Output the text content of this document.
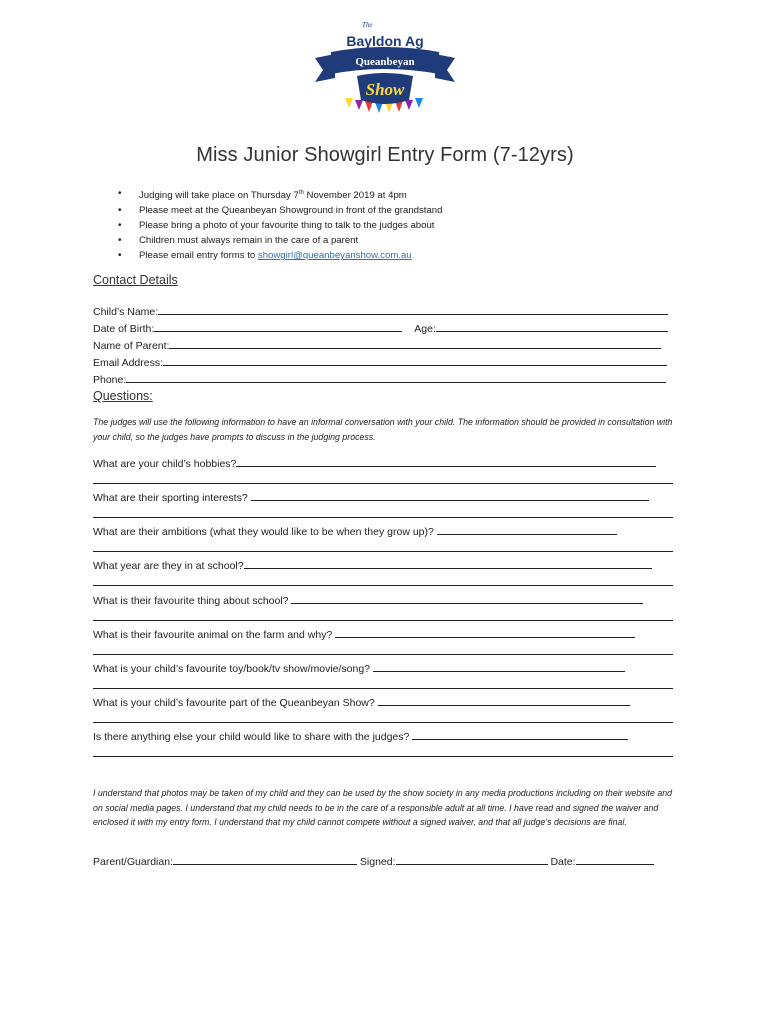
The
Bayldon Ag
Queanbeyan
Show
Miss Junior Showgirl Entry Form (7-12yrs)
• Judging will take place on Thursday 7th November 2019 at 4pm
• Please meet at the Queanbeyan Showground in front of the grandstand
• Please bring a photo of your favourite thing to talk to the judges about
• Children must always remain in the care of a parent
• Please email entry forms to showgirl@queanbeyanshow.com.au
Contact Details
Child’s Name:
Date of Birth:	Age:
Name of Parent:
Email Address:
Phone:
Questions:
The judges will use the following information to have an informal conversation with your child. The information should be provided in consultation with your child, so the judges have prompts to discuss in the judging process.
What are your child’s hobbies?
What are their sporting interests?
What are their ambitions (what they would like to be when they grow up)?
What year are they in at school?
What is their favourite thing about school?
What is their favourite animal on the farm and why?
What is your child’s favourite toy/book/tv show/movie/song?
What is your child’s favourite part of the Queanbeyan Show?
Is there anything else your child would like to share with the judges?
I understand that photos may be taken of my child and they can be used by the show society in any media productions including on their website and on social media pages. I understand that my child needs to be in the care of a responsible adult at all time. I have read and signed the waiver and enclosed it with my entry form. I understand that my child cannot compete without a signed waiver, and that all judge’s decisions are final.
Parent/Guardian:	Signed:	Date:
